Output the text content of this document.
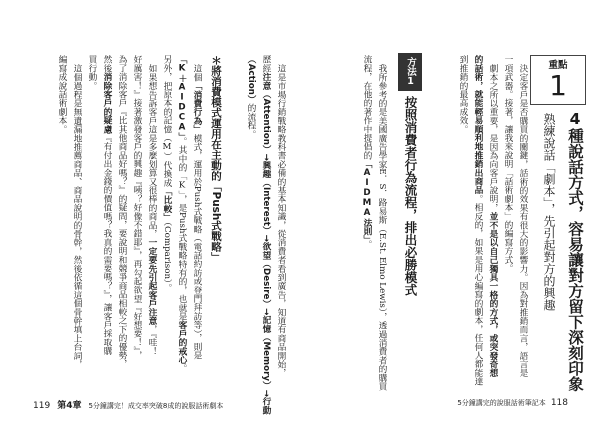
這是市場行銷戰略教科書必備的基本知識，從消費者看到廣告，知道有商品開始，
歷經注意（Attention）→興趣（Interest）→欲望（Desire）→記憶（Memory）→行動
（Action）的流程。
＊將消費模式運用在主動的「Push式戰略」
這個「消費行為」模式，運用於Push式戰略（電話約訪或登門拜訪等），則是
「K＋AIDCA」。其中的「K」，是Push式戰略特有的，也就是客戶的戒心。
另外，把原本的記憶（M）代換成「比較」（Comparison）。
如果想告訴客戶這是多麼划算又很棒的商品，一定要先引起客戶注意，『哇！
好厲害！』接著激發客戶的興趣『咦？好像不錯耶』，再勾起欲望『好想要！』，
為了消除客戶『比其他商品好嗎？』的疑問，要說明和競爭商品相較之下的優勢，
然後消除客戶的疑慮『有付出金錢的價值嗎？我真的需要嗎？』，讓客戶採取購
買行動。
這個過程是無遺漏地推薦商品、商品說明的骨幹，然後依循這個骨幹填上台詞，
編寫成說話術劇本。
119 第4章 5分鐘講完！成交率突破8成的說服話術劇本
重點
1
4種說話方式，容易讓對方留下深刻印象
熟練說話「劇本」，先引起對方的興趣
決定客戶是否購買的關鍵，話術的效果有很大的影響力。因為對推銷而言，語言是
一項武器。接著，讓我來說明「話術劇本」的編寫方式。
劇本之所以重要，是因為向客戶說明，並不是以自己獨具一格的方式，或突發奇想
的話術，就能輕易順利地推銷出商品。相反的，如果是用心編寫的劇本，任何人都能達
到推銷的最高成效。
方法1
按照消費者行為流程，排出必勝模式
我所參考的是美國廣告學家E．S．路易斯（E.St. Elmo Lewis），透過消費者的購買
流程，在他的著作中提倡的「AIDMA法則」。
5分鐘講完的說服話術筆記本 118
